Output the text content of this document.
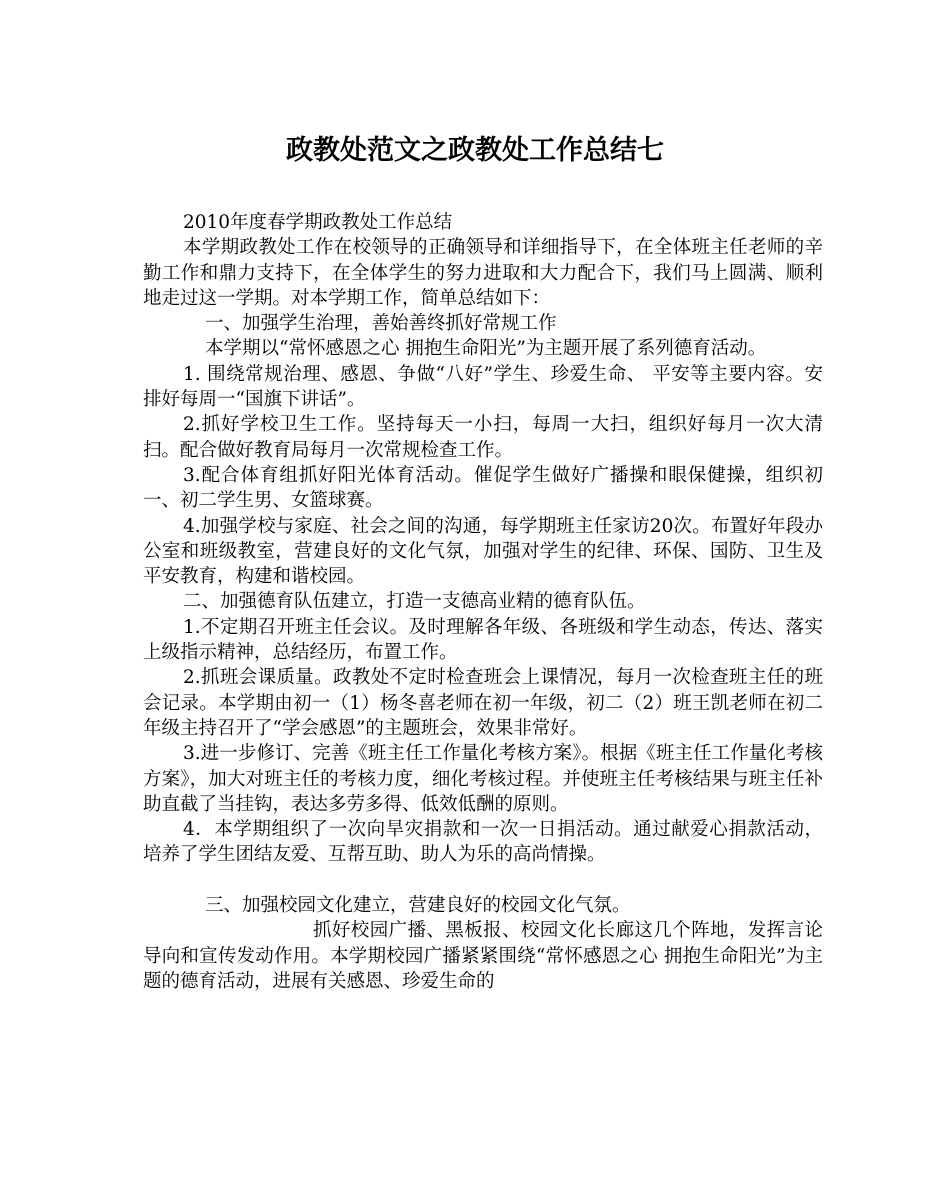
政教处范文之政教处工作总结七

2010年度春学期政教处工作总结

本学期政教处工作在校领导的正确领导和详细指导下，在全体班主任老师的辛勤工作和鼎力支持下，在全体学生的努力进取和大力配合下，我们马上圆满、顺利地走过这一学期。对本学期工作，简单总结如下：

一、加强学生治理，善始善终抓好常规工作

本学期以“常怀感恩之心 拥抱生命阳光”为主题开展了系列德育活动。

1. 围绕常规治理、感恩、争做“八好”学生、珍爱生命、 平安等主要内容。安排好每周一“国旗下讲话”。

2.抓好学校卫生工作。坚持每天一小扫，每周一大扫，组织好每月一次大清扫。配合做好教育局每月一次常规检查工作。

3.配合体育组抓好阳光体育活动。催促学生做好广播操和眼保健操，组织初一、初二学生男、女篮球赛。

4.加强学校与家庭、社会之间的沟通，每学期班主任家访20次。布置好年段办公室和班级教室，营建良好的文化气氛，加强对学生的纪律、环保、国防、卫生及平安教育，构建和谐校园。

二、加强德育队伍建立，打造一支德高业精的德育队伍。

1.不定期召开班主任会议。及时理解各年级、各班级和学生动态，传达、落实上级指示精神，总结经历，布置工作。

2.抓班会课质量。政教处不定时检查班会上课情况，每月一次检查班主任的班会记录。本学期由初一（1）杨冬喜老师在初一年级，初二（2）班王凯老师在初二年级主持召开了“学会感恩”的主题班会，效果非常好。

3.进一步修订、完善《班主任工作量化考核方案》。根据《班主任工作量化考核方案》，加大对班主任的考核力度，细化考核过程。并使班主任考核结果与班主任补助直截了当挂钩，表达多劳多得、低效低酬的原则。

4．本学期组织了一次向旱灾捐款和一次一日捐活动。通过献爱心捐款活动，培养了学生团结友爱、互帮互助、助人为乐的高尚情操。

三、加强校园文化建立，营建良好的校园文化气氛。

抓好校园广播、黑板报、校园文化长廊这几个阵地，发挥言论导向和宣传发动作用。本学期校园广播紧紧围绕“常怀感恩之心 拥抱生命阳光”为主题的德育活动，进展有关感恩、珍爱生命的
